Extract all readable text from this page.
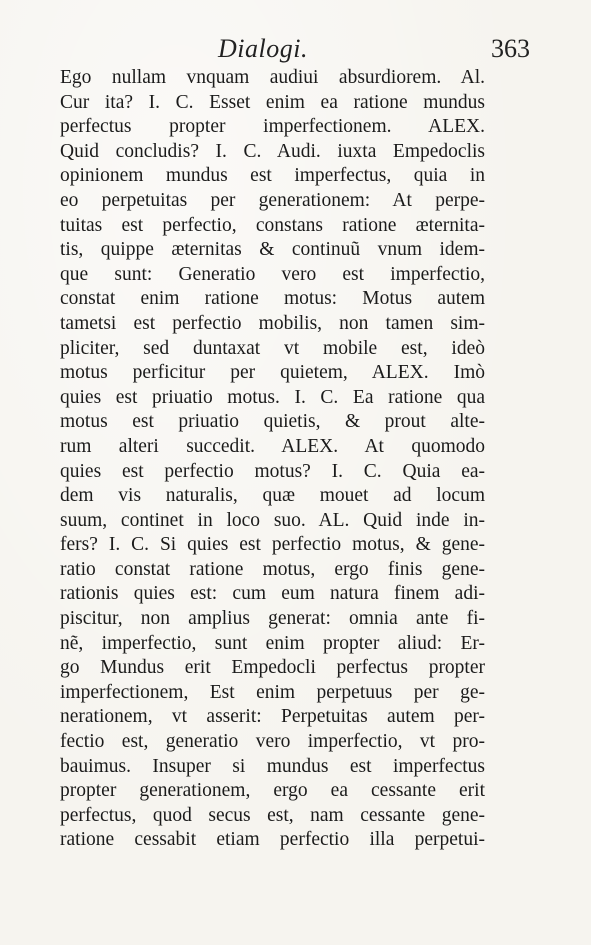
Dialogi.	363
Ego nullam vnquam audiui absurdiorem. Al.
Cur ita? I. C. Esset enim ea ratione mundus
perfectus propter imperfectionem. ALEX.
Quid concludis? I. C. Audi. iuxta Empedoclis
opinionem mundus est imperfectus, quia in
eo perpetuitas per generationem: At perpe-
tuitas est perfectio, constans ratione æternita-
tis, quippe æternitas & continuũ vnum idem-
que sunt: Generatio vero est imperfectio,
constat enim ratione motus: Motus autem
tametsi est perfectio mobilis, non tamen sim-
pliciter, sed duntaxat vt mobile est, ideò
motus perficitur per quietem, ALEX. Imò
quies est priuatio motus. I. C. Ea ratione qua
motus est priuatio quietis, & prout alte-
rum alteri succedit. ALEX. At quomodo
quies est perfectio motus? I. C. Quia ea-
dem vis naturalis, quæ mouet ad locum
suum, continet in loco suo. AL. Quid inde in-
fers? I. C. Si quies est perfectio motus, & gene-
ratio constat ratione motus, ergo finis gene-
rationis quies est: cum eum natura finem adi-
piscitur, non amplius generat: omnia ante fi-
nẽ, imperfectio, sunt enim propter aliud: Er-
go Mundus erit Empedocli perfectus propter
imperfectionem, Est enim perpetuus per ge-
nerationem, vt asserit: Perpetuitas autem per-
fectio est, generatio vero imperfectio, vt pro-
bauimus. Insuper si mundus est imperfectus
propter generationem, ergo ea cessante erit
perfectus, quod secus est, nam cessante gene-
ratione cessabit etiam perfectio illa perpetui-
